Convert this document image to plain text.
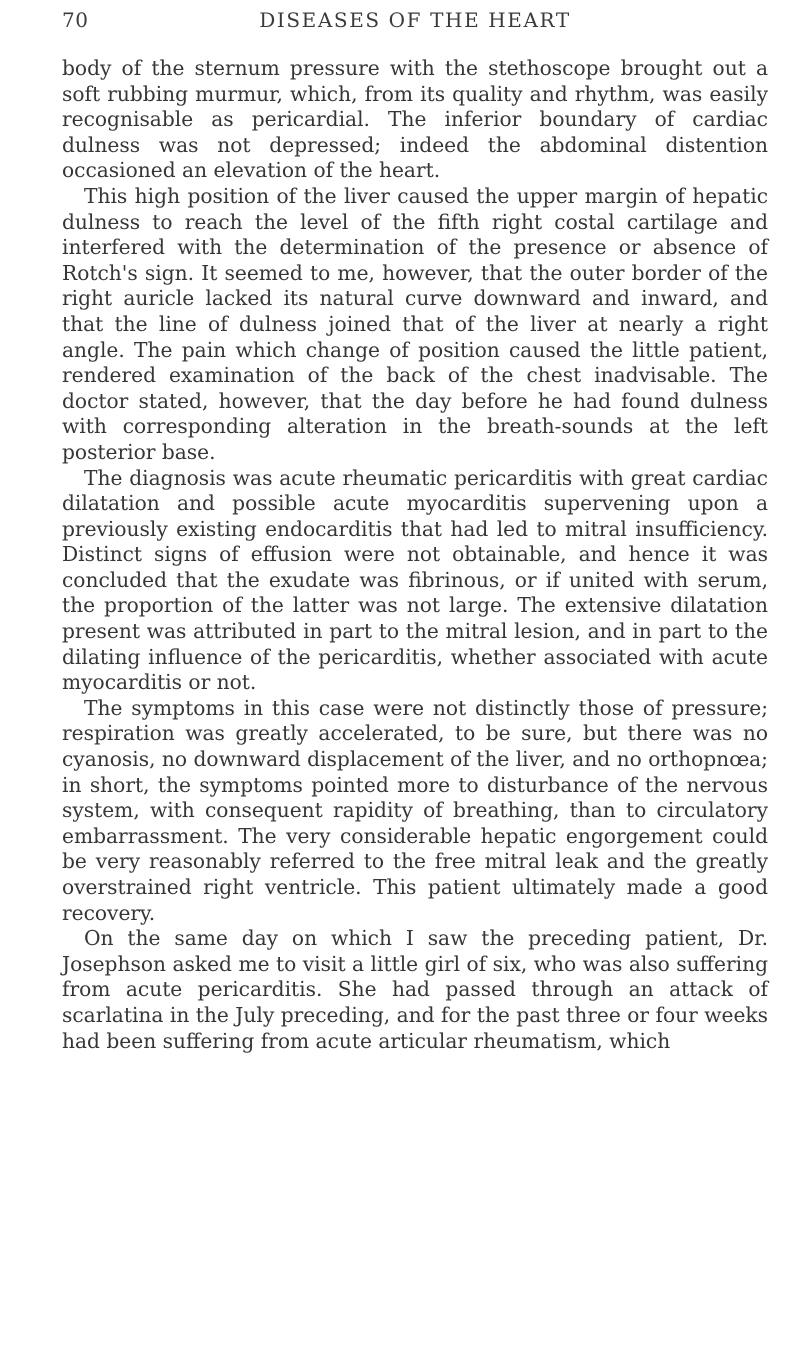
70	DISEASES OF THE HEART

body of the sternum pressure with the stethoscope brought out a soft rubbing murmur, which, from its quality and rhythm, was easily recognisable as pericardial. The inferior boundary of cardiac dulness was not depressed; indeed the abdominal distention occasioned an elevation of the heart.

This high position of the liver caused the upper margin of hepatic dulness to reach the level of the fifth right costal cartilage and interfered with the determination of the presence or absence of Rotch's sign. It seemed to me, however, that the outer border of the right auricle lacked its natural curve downward and inward, and that the line of dulness joined that of the liver at nearly a right angle. The pain which change of position caused the little patient, rendered examination of the back of the chest inadvisable. The doctor stated, however, that the day before he had found dulness with corresponding alteration in the breath-sounds at the left posterior base.

The diagnosis was acute rheumatic pericarditis with great cardiac dilatation and possible acute myocarditis supervening upon a previously existing endocarditis that had led to mitral insufficiency. Distinct signs of effusion were not obtainable, and hence it was concluded that the exudate was fibrinous, or if united with serum, the proportion of the latter was not large. The extensive dilatation present was attributed in part to the mitral lesion, and in part to the dilating influence of the pericarditis, whether associated with acute myocarditis or not.

The symptoms in this case were not distinctly those of pressure; respiration was greatly accelerated, to be sure, but there was no cyanosis, no downward displacement of the liver, and no orthopnœa; in short, the symptoms pointed more to disturbance of the nervous system, with consequent rapidity of breathing, than to circulatory embarrassment. The very considerable hepatic engorgement could be very reasonably referred to the free mitral leak and the greatly overstrained right ventricle. This patient ultimately made a good recovery.

On the same day on which I saw the preceding patient, Dr. Josephson asked me to visit a little girl of six, who was also suffering from acute pericarditis. She had passed through an attack of scarlatina in the July preceding, and for the past three or four weeks had been suffering from acute articular rheumatism, which
